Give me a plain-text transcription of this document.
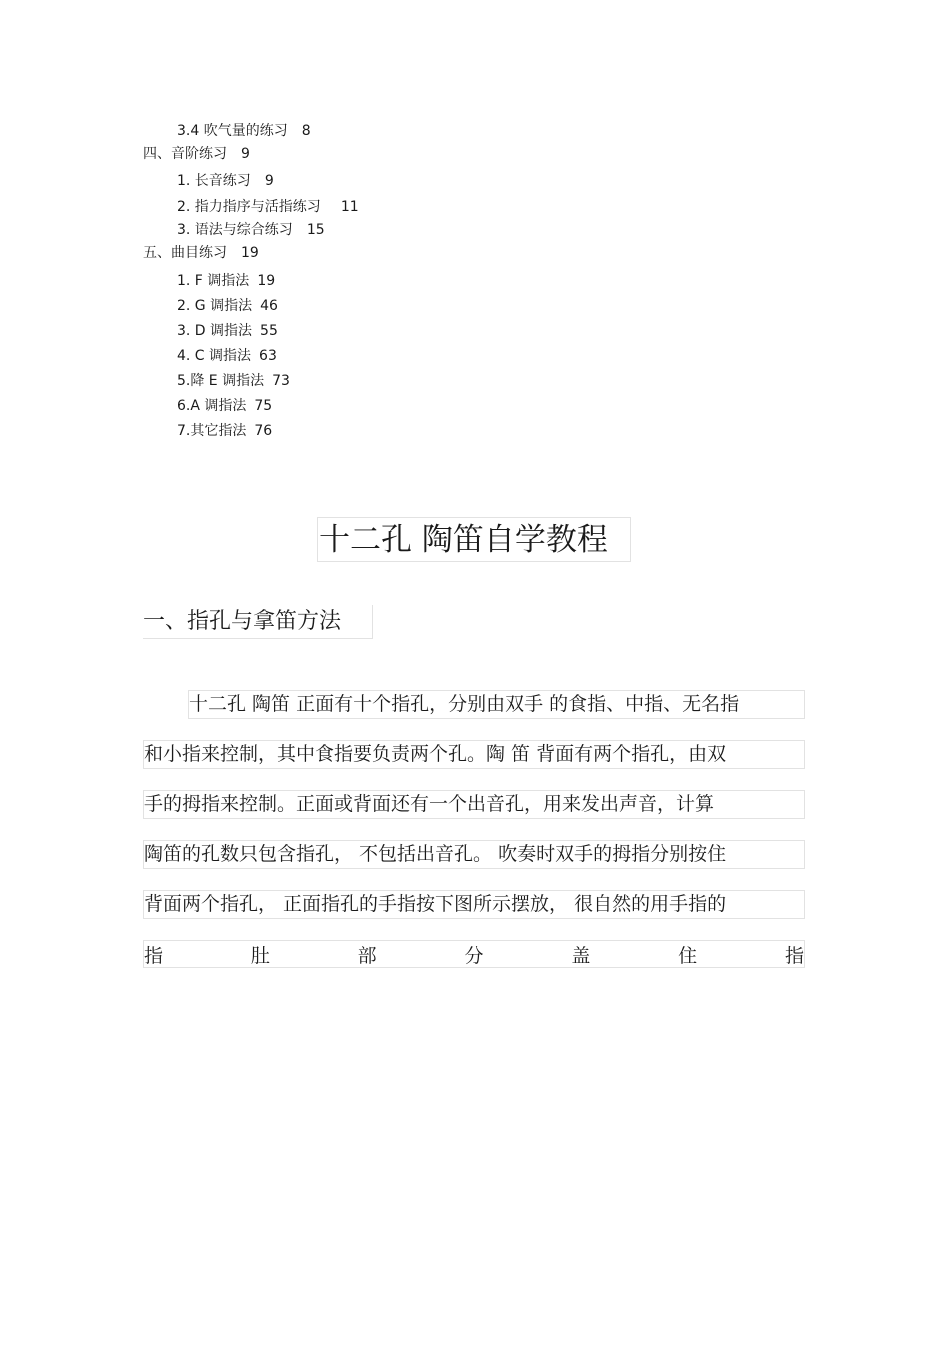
3.4 吹气量的练习 8
四、音阶练习 9
1. 长音练习 9
2. 指力指序与活指练习 11
3. 语法与综合练习 15
五、曲目练习 19
1. F 调指法 19
2. G 调指法 46
3. D 调指法 55
4. C 调指法 63
5.降 E 调指法 73
6.A 调指法 75
7.其它指法 76
十二孔 陶笛自学教程
一、指孔与拿笛方法
十二孔 陶笛 正面有十个指孔，分别由双手 的食指、中指、无名指
和小指来控制，其中食指要负责两个孔。陶 笛 背面有两个指孔，由双
手的拇指来控制。正面或背面还有一个出音孔，用来发出声音，计算
陶笛的孔数只包含指孔， 不包括出音孔。 吹奏时双手的拇指分别按住
背面两个指孔， 正面指孔的手指按下图所示摆放， 很自然的用手指的
指	肚	部	分	盖	住	指
